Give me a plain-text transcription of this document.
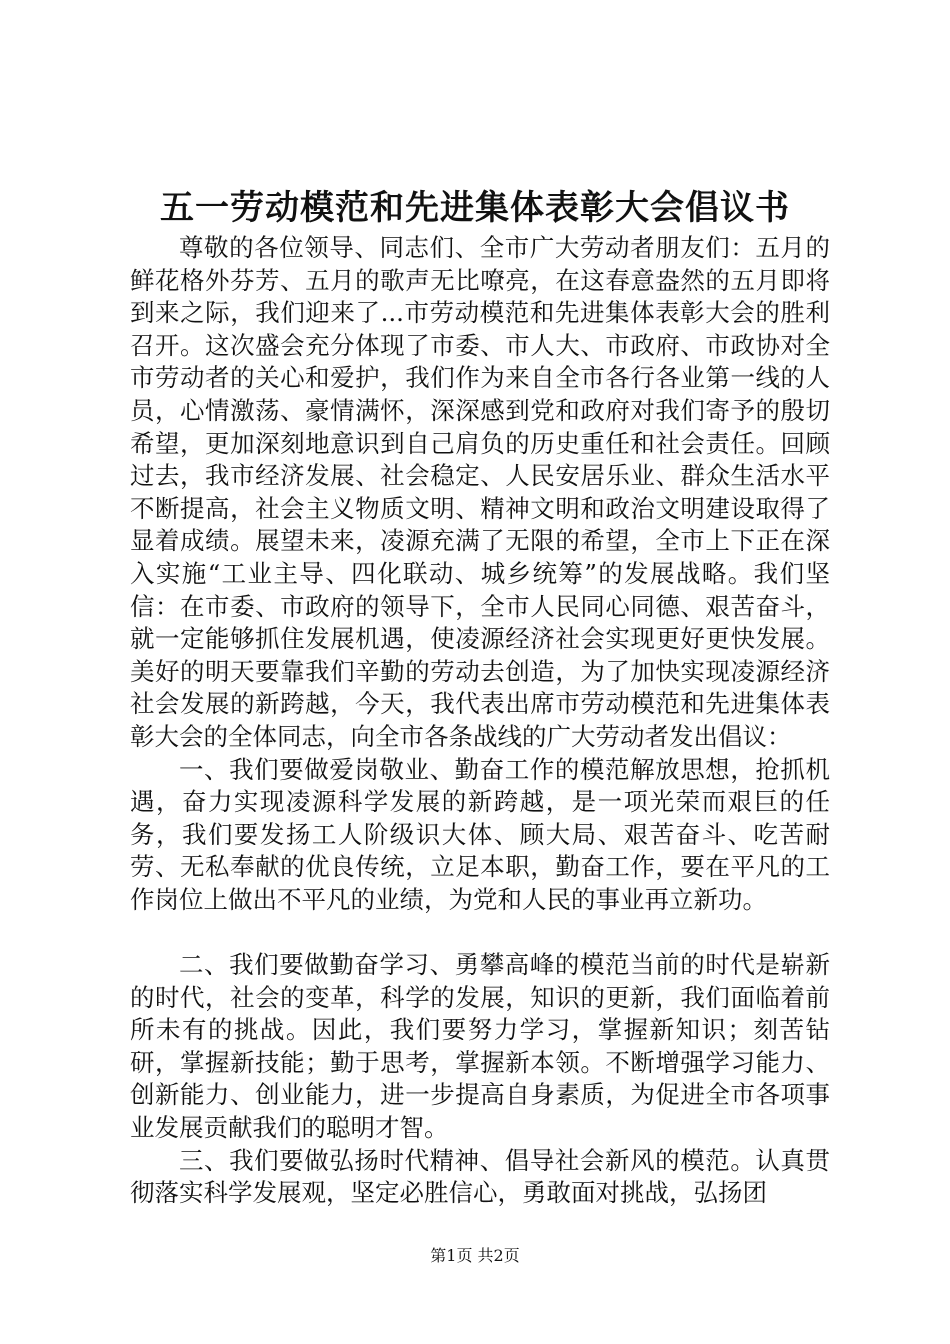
五一劳动模范和先进集体表彰大会倡议书

尊敬的各位领导、同志们、全市广大劳动者朋友们：五月的鲜花格外芬芳、五月的歌声无比嘹亮，在这春意盎然的五月即将到来之际，我们迎来了...市劳动模范和先进集体表彰大会的胜利召开。这次盛会充分体现了市委、市人大、市政府、市政协对全市劳动者的关心和爱护，我们作为来自全市各行各业第一线的人员，心情激荡、豪情满怀，深深感到党和政府对我们寄予的殷切希望，更加深刻地意识到自己肩负的历史重任和社会责任。回顾过去，我市经济发展、社会稳定、人民安居乐业、群众生活水平不断提高，社会主义物质文明、精神文明和政治文明建设取得了显着成绩。展望未来，凌源充满了无限的希望，全市上下正在深入实施“工业主导、四化联动、城乡统筹”的发展战略。我们坚信：在市委、市政府的领导下，全市人民同心同德、艰苦奋斗，就一定能够抓住发展机遇，使凌源经济社会实现更好更快发展。美好的明天要靠我们辛勤的劳动去创造，为了加快实现凌源经济社会发展的新跨越，今天，我代表出席市劳动模范和先进集体表彰大会的全体同志，向全市各条战线的广大劳动者发出倡议：

一、我们要做爱岗敬业、勤奋工作的模范解放思想，抢抓机遇，奋力实现凌源科学发展的新跨越，是一项光荣而艰巨的任务，我们要发扬工人阶级识大体、顾大局、艰苦奋斗、吃苦耐劳、无私奉献的优良传统，立足本职，勤奋工作，要在平凡的工作岗位上做出不平凡的业绩，为党和人民的事业再立新功。

二、我们要做勤奋学习、勇攀高峰的模范当前的时代是崭新的时代，社会的变革，科学的发展，知识的更新，我们面临着前所未有的挑战。因此，我们要努力学习，掌握新知识；刻苦钻研，掌握新技能；勤于思考，掌握新本领。不断增强学习能力、创新能力、创业能力，进一步提高自身素质，为促进全市各项事业发展贡献我们的聪明才智。

三、我们要做弘扬时代精神、倡导社会新风的模范。认真贯彻落实科学发展观，坚定必胜信心，勇敢面对挑战，弘扬团

第1页 共2页
